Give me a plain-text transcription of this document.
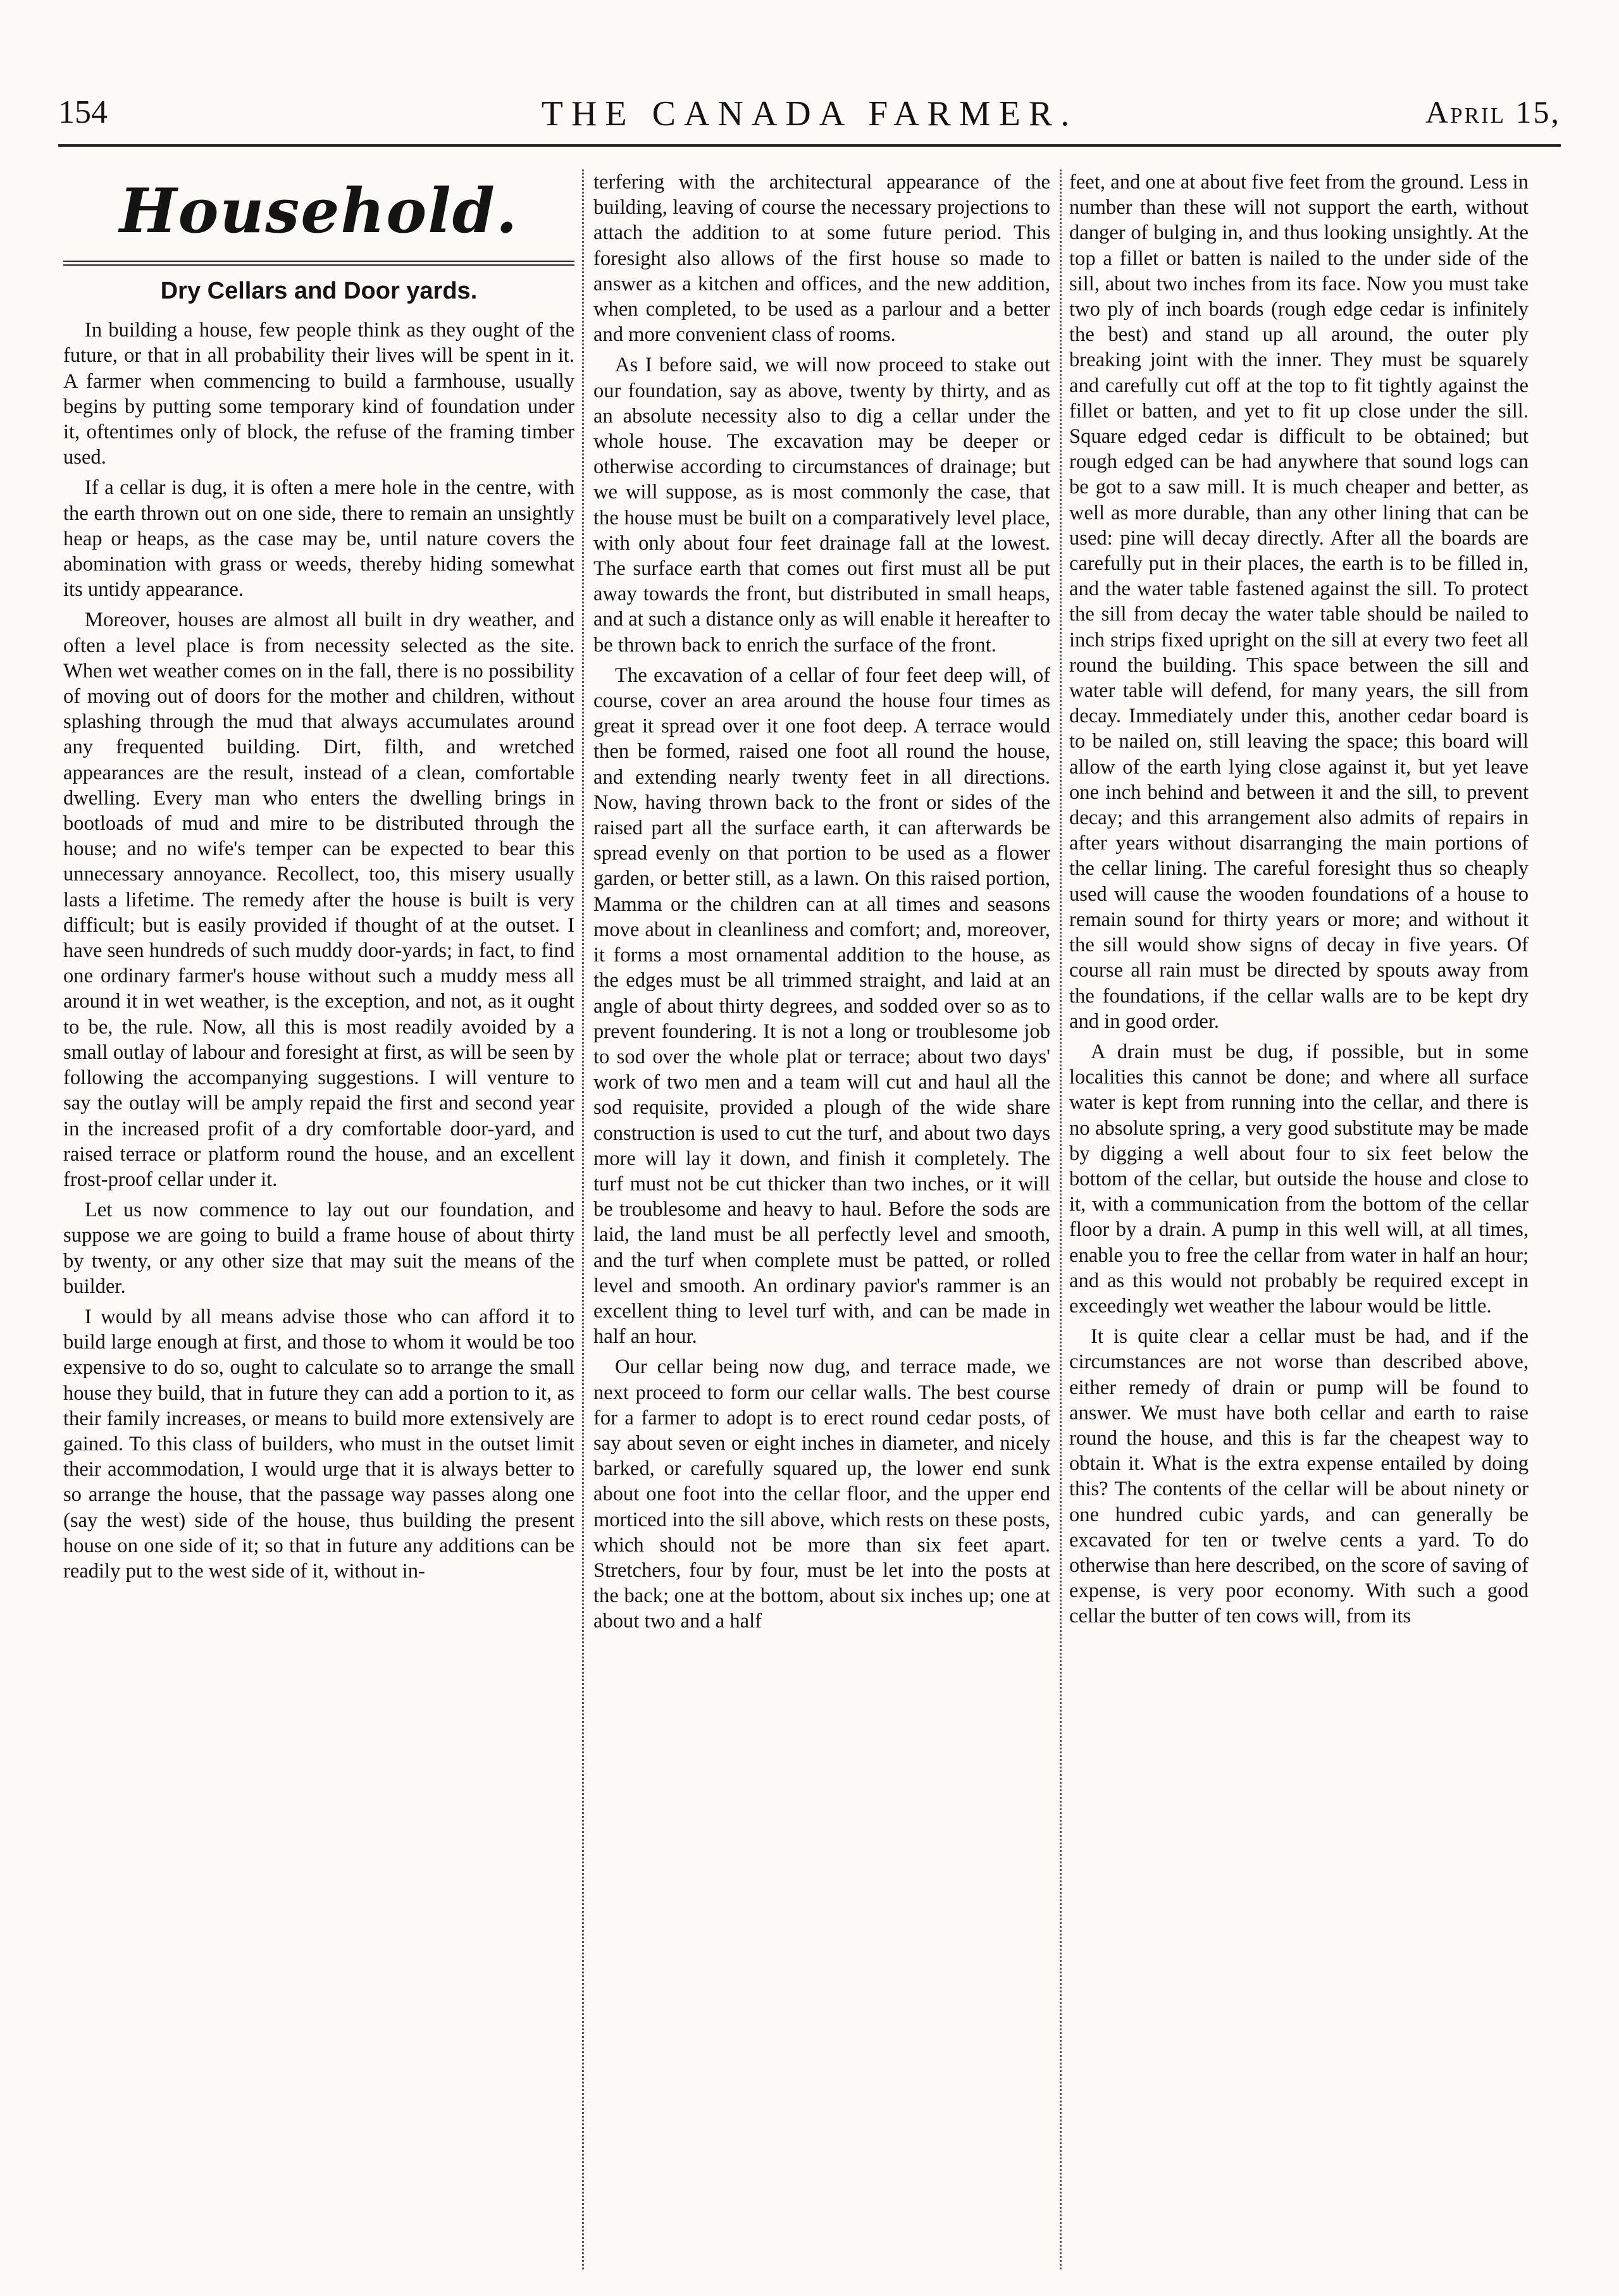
154	THE CANADA FARMER.	April 15,
Household.
Dry Cellars and Door yards.

In building a house, few people think as they ought of the future, or that in all probability their lives will be spent in it. A farmer when commencing to build a farmhouse, usually begins by putting some temporary kind of foundation under it, oftentimes only of block, the refuse of the framing timber used.

If a cellar is dug, it is often a mere hole in the centre, with the earth thrown out on one side, there to remain an unsightly heap or heaps, as the case may be, until nature covers the abomination with grass or weeds, thereby hiding somewhat its untidy appearance.

Moreover, houses are almost all built in dry weather, and often a level place is from necessity selected as the site. When wet weather comes on in the fall, there is no possibility of moving out of doors for the mother and children, without splashing through the mud that always accumulates around any frequented building. Dirt, filth, and wretched appearances are the result, instead of a clean, comfortable dwelling. Every man who enters the dwelling brings in bootloads of mud and mire to be distributed through the house; and no wife's temper can be expected to bear this unnecessary annoyance. Recollect, too, this misery usually lasts a lifetime. The remedy after the house is built is very difficult; but is easily provided if thought of at the outset. I have seen hundreds of such muddy door-yards; in fact, to find one ordinary farmer's house without such a muddy mess all around it in wet weather, is the exception, and not, as it ought to be, the rule. Now, all this is most readily avoided by a small outlay of labour and foresight at first, as will be seen by following the accompanying suggestions. I will venture to say the outlay will be amply repaid the first and second year in the increased profit of a dry comfortable door-yard, and raised terrace or platform round the house, and an excellent frost-proof cellar under it.

Let us now commence to lay out our foundation, and suppose we are going to build a frame house of about thirty by twenty, or any other size that may suit the means of the builder.

I would by all means advise those who can afford it to build large enough at first, and those to whom it would be too expensive to do so, ought to calculate so to arrange the small house they build, that in future they can add a portion to it, as their family increases, or means to build more extensively are gained. To this class of builders, who must in the outset limit their accommodation, I would urge that it is always better to so arrange the house, that the passage way passes along one (say the west) side of the house, thus building the present house on one side of it; so that in future any additions can be readily put to the west side of it, without in-

terfering with the architectural appearance of the building, leaving of course the necessary projections to attach the addition to at some future period. This foresight also allows of the first house so made to answer as a kitchen and offices, and the new addition, when completed, to be used as a parlour and a better and more convenient class of rooms.

As I before said, we will now proceed to stake out our foundation, say as above, twenty by thirty, and as an absolute necessity also to dig a cellar under the whole house. The excavation may be deeper or otherwise according to circumstances of drainage; but we will suppose, as is most commonly the case, that the house must be built on a comparatively level place, with only about four feet drainage fall at the lowest. The surface earth that comes out first must all be put away towards the front, but distributed in small heaps, and at such a distance only as will enable it hereafter to be thrown back to enrich the surface of the front.

The excavation of a cellar of four feet deep will, of course, cover an area around the house four times as great it spread over it one foot deep. A terrace would then be formed, raised one foot all round the house, and extending nearly twenty feet in all directions. Now, having thrown back to the front or sides of the raised part all the surface earth, it can afterwards be spread evenly on that portion to be used as a flower garden, or better still, as a lawn. On this raised portion, Mamma or the children can at all times and seasons move about in cleanliness and comfort; and, moreover, it forms a most ornamental addition to the house, as the edges must be all trimmed straight, and laid at an angle of about thirty degrees, and sodded over so as to prevent foundering. It is not a long or troublesome job to sod over the whole plat or terrace; about two days' work of two men and a team will cut and haul all the sod requisite, provided a plough of the wide share construction is used to cut the turf, and about two days more will lay it down, and finish it completely. The turf must not be cut thicker than two inches, or it will be troublesome and heavy to haul. Before the sods are laid, the land must be all perfectly level and smooth, and the turf when complete must be patted, or rolled level and smooth. An ordinary pavior's rammer is an excellent thing to level turf with, and can be made in half an hour.

Our cellar being now dug, and terrace made, we next proceed to form our cellar walls. The best course for a farmer to adopt is to erect round cedar posts, of say about seven or eight inches in diameter, and nicely barked, or carefully squared up, the lower end sunk about one foot into the cellar floor, and the upper end morticed into the sill above, which rests on these posts, which should not be more than six feet apart. Stretchers, four by four, must be let into the posts at the back; one at the bottom, about six inches up; one at about two and a half

feet, and one at about five feet from the ground. Less in number than these will not support the earth, without danger of bulging in, and thus looking unsightly. At the top a fillet or batten is nailed to the under side of the sill, about two inches from its face. Now you must take two ply of inch boards (rough edge cedar is infinitely the best) and stand up all around, the outer ply breaking joint with the inner. They must be squarely and carefully cut off at the top to fit tightly against the fillet or batten, and yet to fit up close under the sill. Square edged cedar is difficult to be obtained; but rough edged can be had anywhere that sound logs can be got to a saw mill. It is much cheaper and better, as well as more durable, than any other lining that can be used: pine will decay directly. After all the boards are carefully put in their places, the earth is to be filled in, and the water table fastened against the sill. To protect the sill from decay the water table should be nailed to inch strips fixed upright on the sill at every two feet all round the building. This space between the sill and water table will defend, for many years, the sill from decay. Immediately under this, another cedar board is to be nailed on, still leaving the space; this board will allow of the earth lying close against it, but yet leave one inch behind and between it and the sill, to prevent decay; and this arrangement also admits of repairs in after years without disarranging the main portions of the cellar lining. The careful foresight thus so cheaply used will cause the wooden foundations of a house to remain sound for thirty years or more; and without it the sill would show signs of decay in five years. Of course all rain must be directed by spouts away from the foundations, if the cellar walls are to be kept dry and in good order.

A drain must be dug, if possible, but in some localities this cannot be done; and where all surface water is kept from running into the cellar, and there is no absolute spring, a very good substitute may be made by digging a well about four to six feet below the bottom of the cellar, but outside the house and close to it, with a communication from the bottom of the cellar floor by a drain. A pump in this well will, at all times, enable you to free the cellar from water in half an hour; and as this would not probably be required except in exceedingly wet weather the labour would be little.

It is quite clear a cellar must be had, and if the circumstances are not worse than described above, either remedy of drain or pump will be found to answer. We must have both cellar and earth to raise round the house, and this is far the cheapest way to obtain it. What is the extra expense entailed by doing this? The contents of the cellar will be about ninety or one hundred cubic yards, and can generally be excavated for ten or twelve cents a yard. To do otherwise than here described, on the score of saving of expense, is very poor economy. With such a good cellar the butter of ten cows will, from its
